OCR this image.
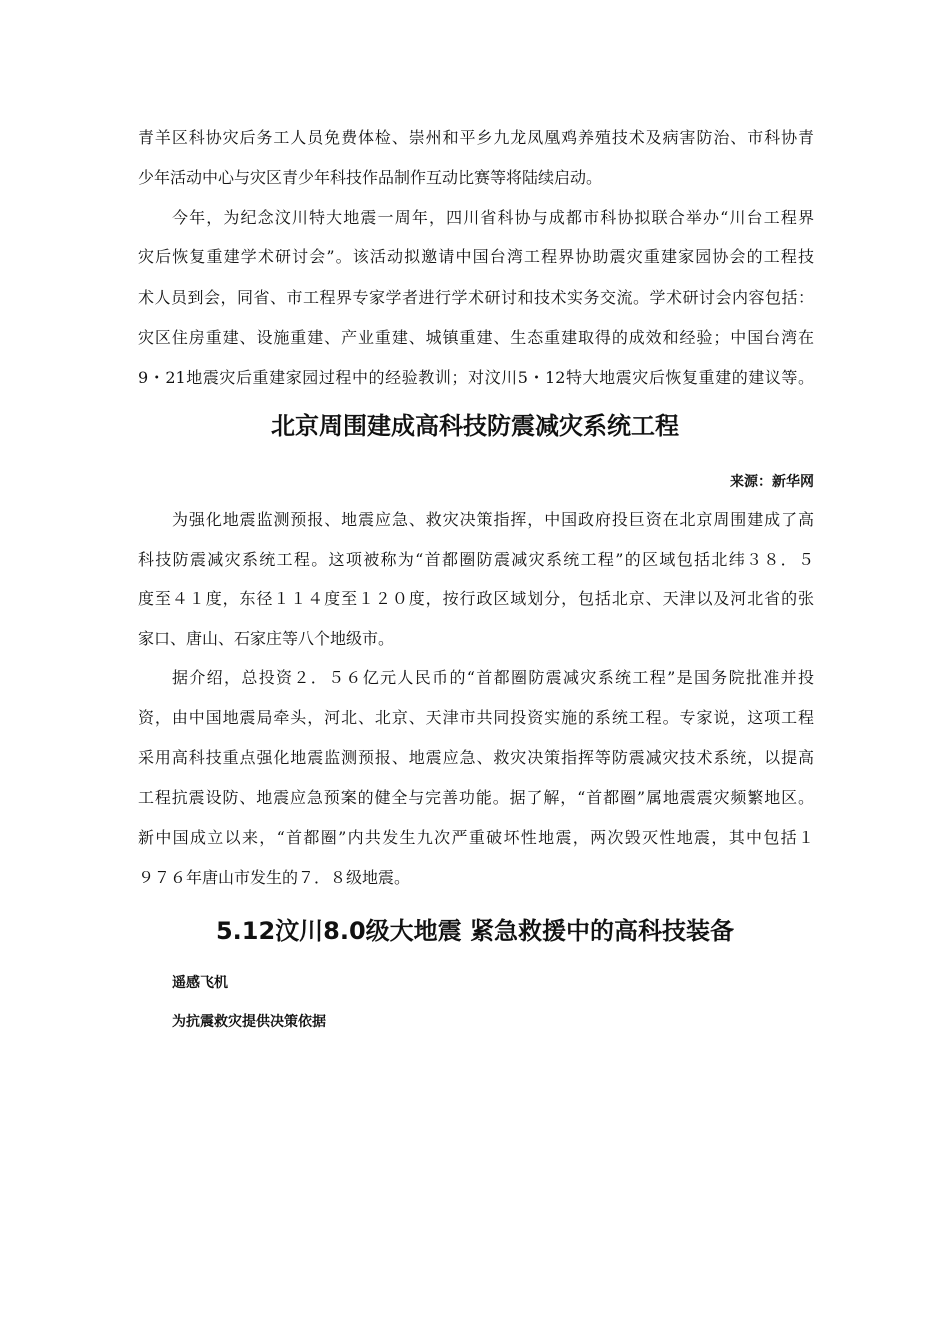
青羊区科协灾后务工人员免费体检、崇州和平乡九龙凤凰鸡养殖技术及病害防治、市科协青
少年活动中心与灾区青少年科技作品制作互动比赛等将陆续启动。
今年，为纪念汶川特大地震一周年，四川省科协与成都市科协拟联合举办“川台工程界
灾后恢复重建学术研讨会”。该活动拟邀请中国台湾工程界协助震灾重建家园协会的工程技
术人员到会，同省、市工程界专家学者进行学术研讨和技术实务交流。学术研讨会内容包括：
灾区住房重建、设施重建、产业重建、城镇重建、生态重建取得的成效和经验；中国台湾在
9・21地震灾后重建家园过程中的经验教训；对汶川5・12特大地震灾后恢复重建的建议等。
北京周围建成高科技防震减灾系统工程
来源：新华网
为强化地震监测预报、地震应急、救灾决策指挥，中国政府投巨资在北京周围建成了高
科技防震减灾系统工程。这项被称为“首都圈防震减灾系统工程”的区域包括北纬３８．５
度至４１度，东径１１４度至１２０度，按行政区域划分，包括北京、天津以及河北省的张
家口、唐山、石家庄等八个地级市。
据介绍，总投资２．５６亿元人民币的“首都圈防震减灾系统工程”是国务院批准并投
资，由中国地震局牵头，河北、北京、天津市共同投资实施的系统工程。专家说，这项工程
采用高科技重点强化地震监测预报、地震应急、救灾决策指挥等防震减灾技术系统，以提高
工程抗震设防、地震应急预案的健全与完善功能。据了解，“首都圈”属地震震灾频繁地区。
新中国成立以来，“首都圈”内共发生九次严重破坏性地震，两次毁灭性地震，其中包括１
９７６年唐山市发生的７．８级地震。
5.12汶川8.0级大地震 紧急救援中的高科技装备
遥感飞机
为抗震救灾提供决策依据
